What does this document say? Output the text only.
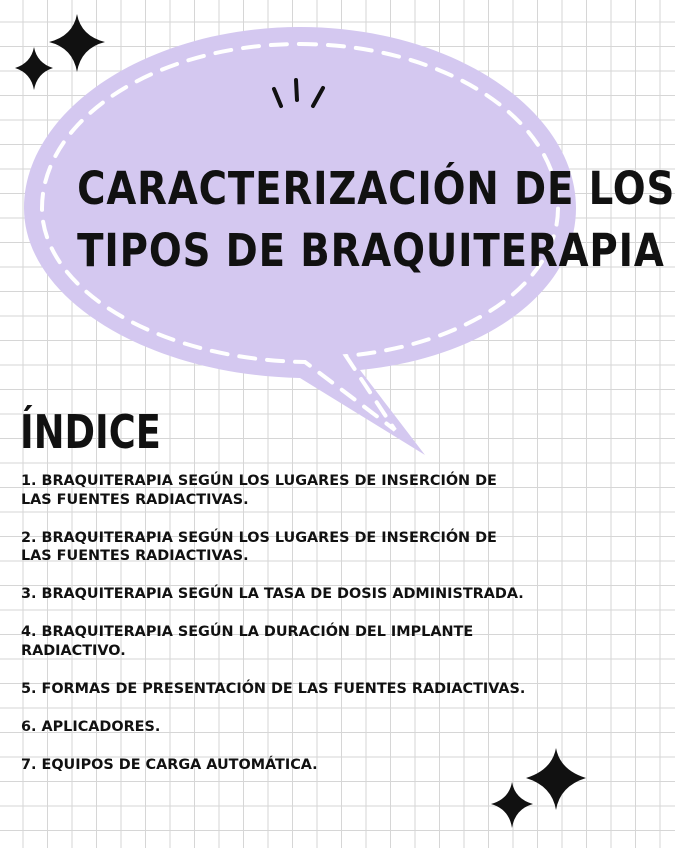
CARACTERIZACIÓN DE LOS
TIPOS DE BRAQUITERAPIA
ÍNDICE
1. BRAQUITERAPIA SEGÚN LOS LUGARES DE INSERCIÓN DE LAS FUENTES RADIACTIVAS.
2. BRAQUITERAPIA SEGÚN LOS LUGARES DE INSERCIÓN DE LAS FUENTES RADIACTIVAS.
3. BRAQUITERAPIA SEGÚN LA TASA DE DOSIS ADMINISTRADA.
4. BRAQUITERAPIA SEGÚN LA DURACIÓN DEL IMPLANTE RADIACTIVO.
5. FORMAS DE PRESENTACIÓN DE LAS FUENTES RADIACTIVAS.
6. APLICADORES.
7. EQUIPOS DE CARGA AUTOMÁTICA.
